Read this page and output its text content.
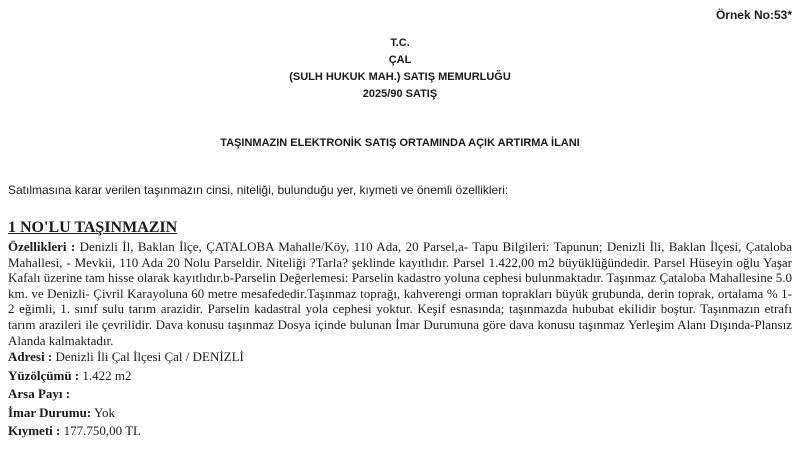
Örnek No:53*
T.C.
ÇAL
(SULH HUKUK MAH.) SATIŞ MEMURLUĞU
2025/90 SATIŞ
TAŞINMAZIN ELEKTRONİK SATIŞ ORTAMINDA AÇIK ARTIRMA İLANI
Satılmasına karar verilen taşınmazın cinsi, niteliği, bulunduğu yer, kıymeti ve önemli özellikleri:
1 NO'LU TAŞINMAZIN
Özellikleri : Denizli İl, Baklan İlçe, ÇATALOBA Mahalle/Köy, 110 Ada, 20 Parsel,a- Tapu Bilgileri: Tapunun; Denizli İli, Baklan İlçesi, Çataloba Mahallesi, - Mevkii, 110 Ada 20 Nolu Parseldir. Niteliği ?Tarla? şeklinde kayıtlıdır. Parsel 1.422,00 m2 büyüklüğündedir. Parsel Hüseyin oğlu Yaşar Kafalı üzerine tam hisse olarak kayıtlıdır.b-Parselin Değerlemesi: Parselin kadastro yoluna cephesi bulunmaktadır. Taşınmaz Çataloba Mahallesine 5.0 km. ve Denizli- Çivril Karayoluna 60 metre mesafededir.Taşınmaz toprağı, kahverengi orman toprakları büyük grubunda, derin toprak, ortalama % 1-2 eğimli, 1. sınıf sulu tarım arazidir. Parselin kadastral yola cephesi yoktur. Keşif esnasında; taşınmazda hububat ekilidir boştur. Taşınmazın etrafı tarım arazileri ile çevrilidir. Dava konusu taşınmaz Dosya içinde bulunan İmar Durumuna göre dava konusu taşınmaz Yerleşim Alanı Dışında-Plansız Alanda kalmaktadır.
Adresi : Denizli İli Çal İlçesi Çal / DENİZLİ
Yüzölçümü : 1.422 m2
Arsa Payı :
İmar Durumu: Yok
Kıymeti : 177.750,00 TL
